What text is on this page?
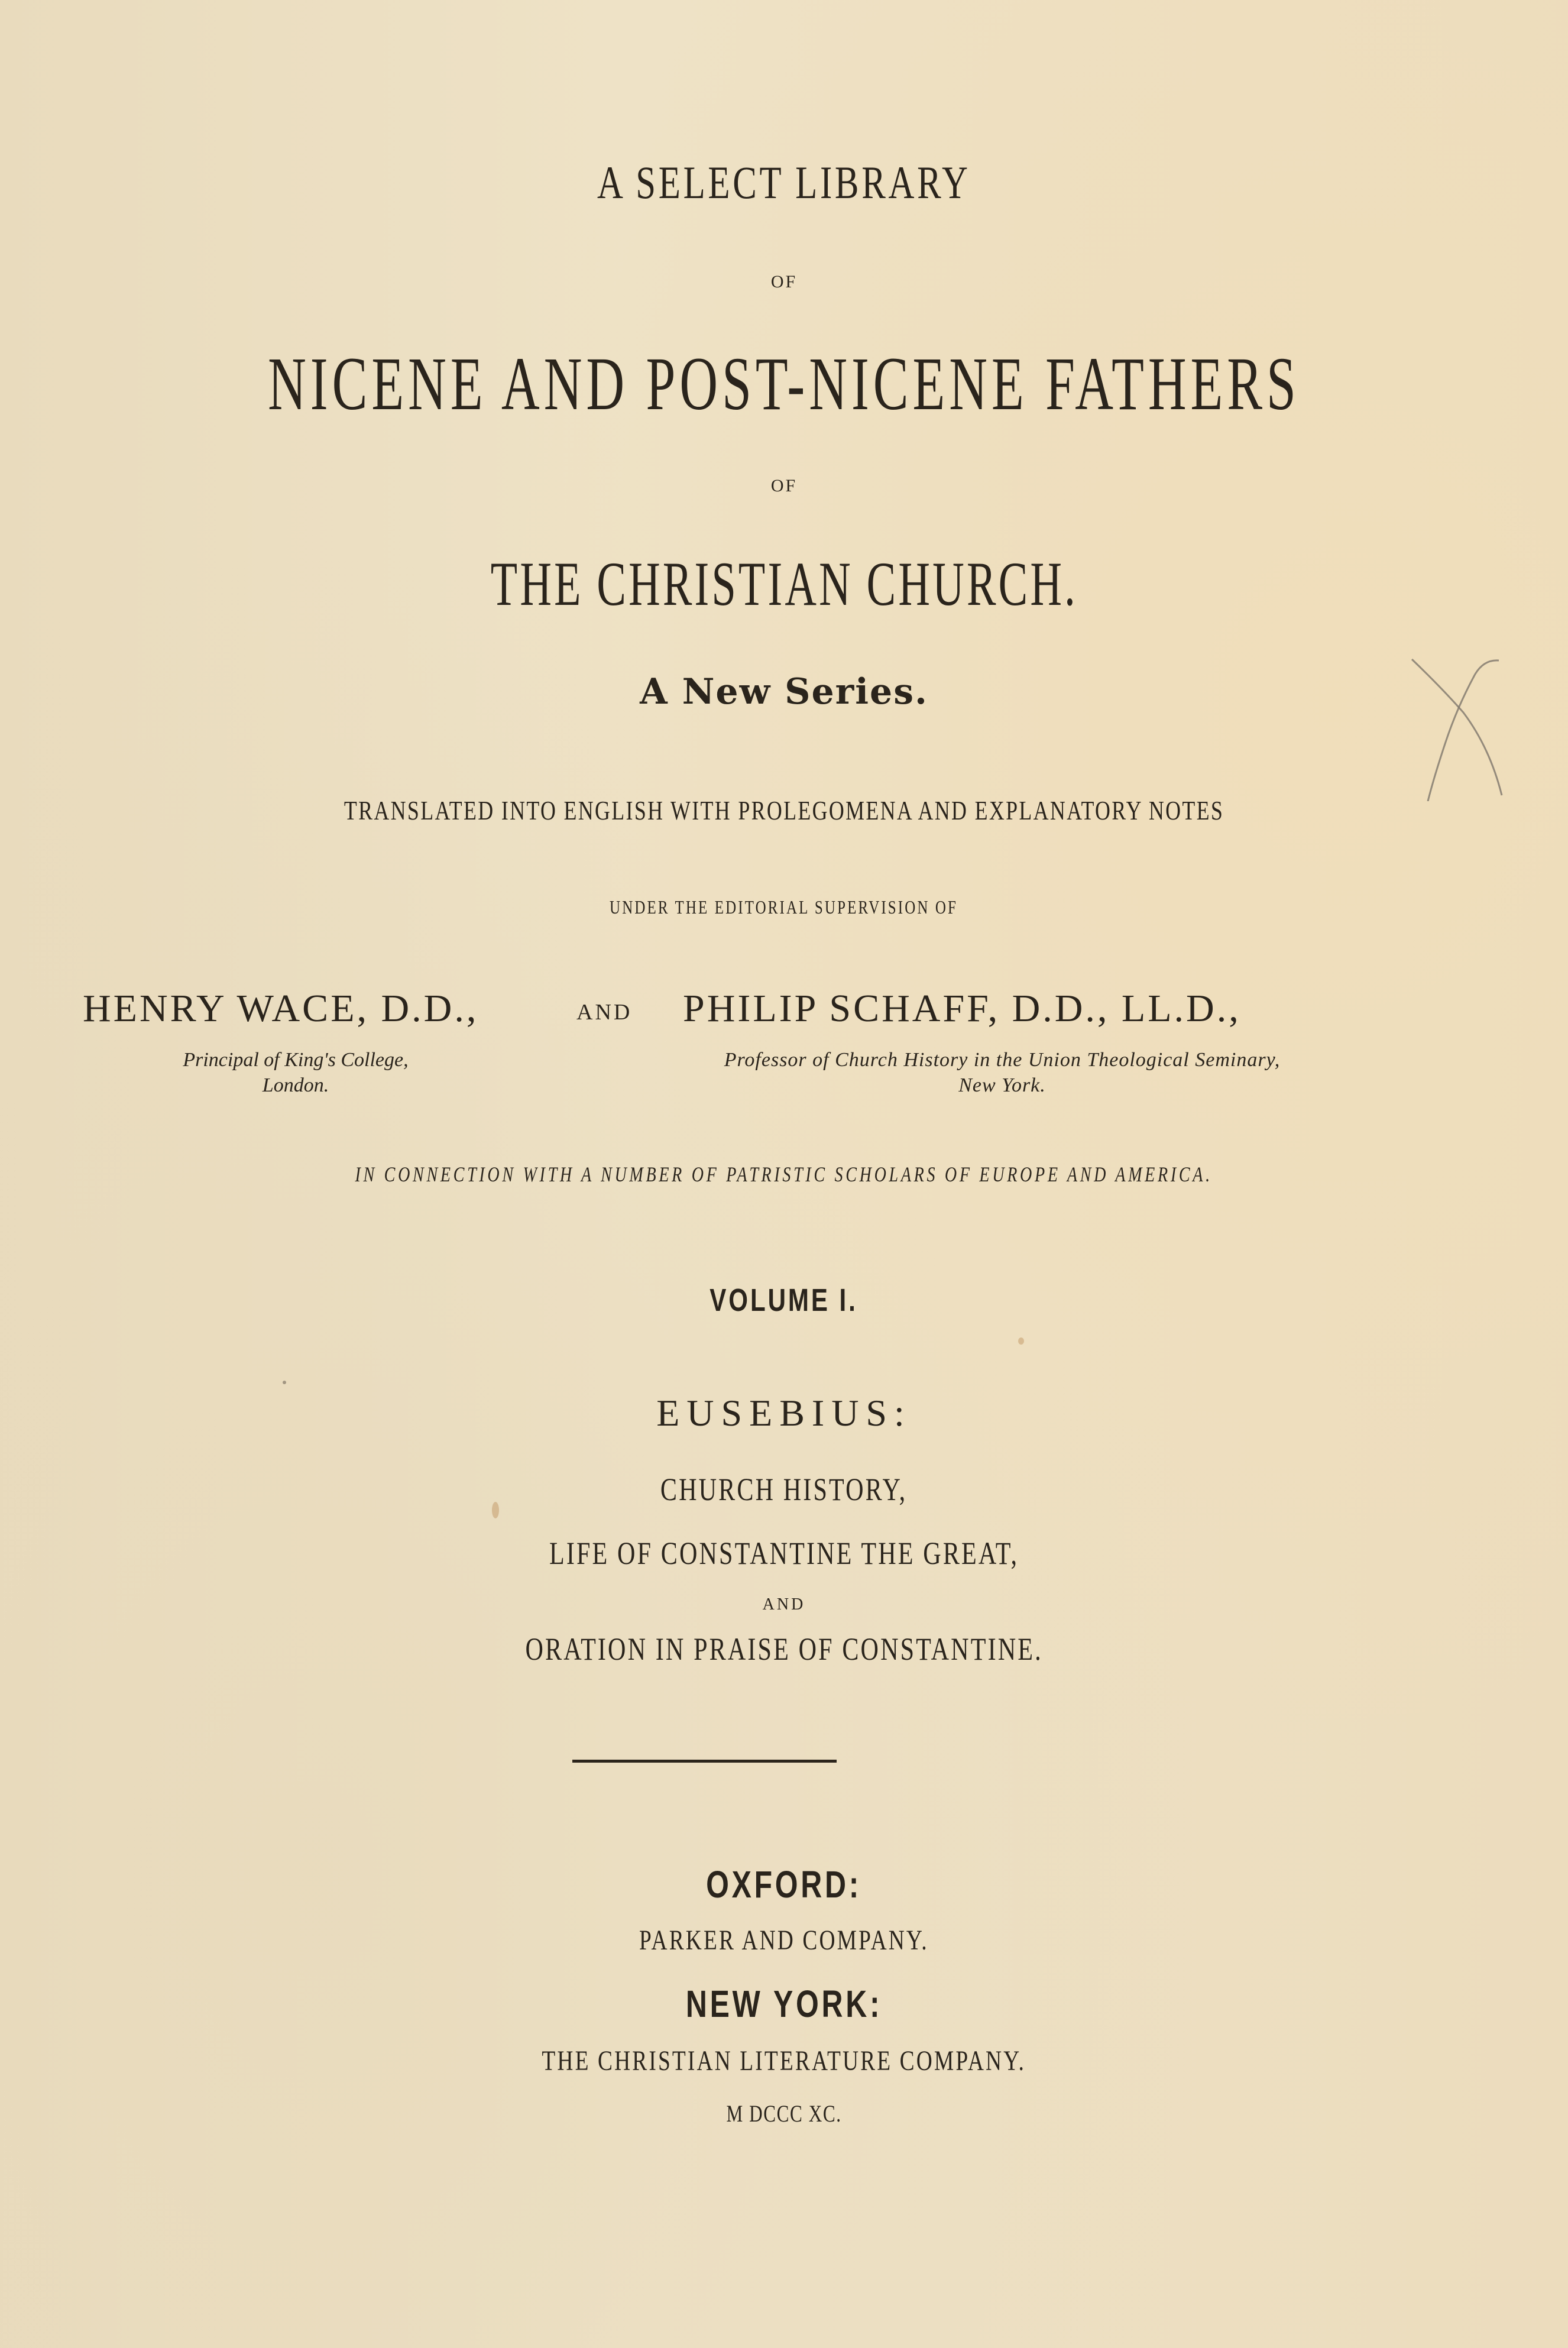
A SELECT LIBRARY
OF
NICENE AND POST-NICENE FATHERS
OF
THE CHRISTIAN CHURCH.
A New Series.
TRANSLATED INTO ENGLISH WITH PROLEGOMENA AND EXPLANATORY NOTES
UNDER THE EDITORIAL SUPERVISION OF
HENRY WACE, D.D.,	AND PHILIP SCHAFF, D.D., LL.D.,
Principal of King's College,
London.
Professor of Church History in the Union Theological Seminary,
New York.
IN CONNECTION WITH A NUMBER OF PATRISTIC SCHOLARS OF EUROPE AND AMERICA.
VOLUME I.
EUSEBIUS:
CHURCH HISTORY,
LIFE OF CONSTANTINE THE GREAT,
AND
ORATION IN PRAISE OF CONSTANTINE.
OXFORD:
PARKER AND COMPANY.
NEW YORK:
THE CHRISTIAN LITERATURE COMPANY.
M DCCC XC.
